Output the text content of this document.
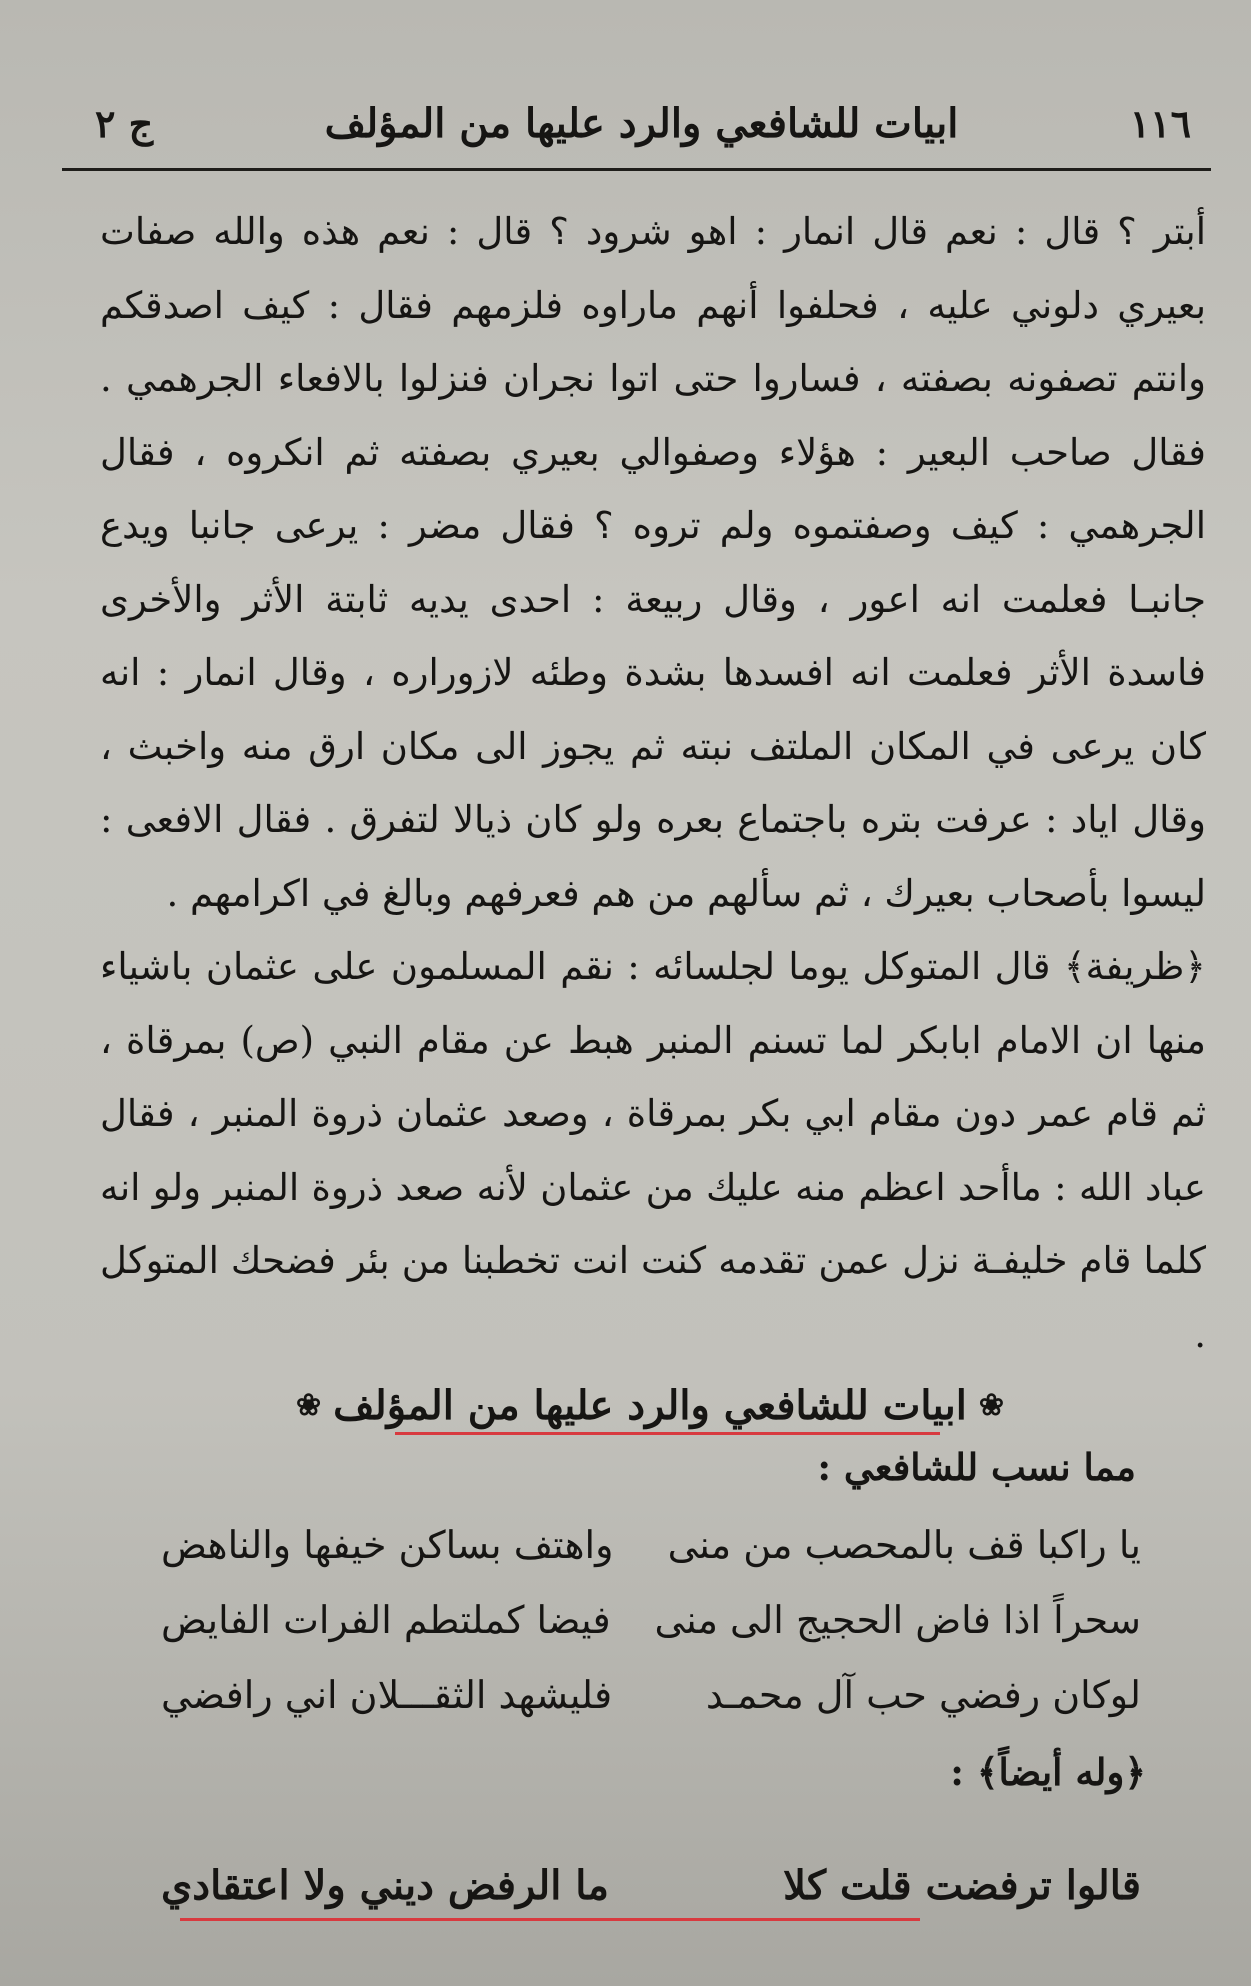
١١٦
ابيات للشافعي والرد عليها من المؤلف
ج ٢

أبتر ؟ قال : نعم قال انمار : اهو شرود ؟ قال : نعم هذه والله صفات بعيري دلوني عليه ، فحلفوا أنهم ماراوه فلزمهم فقال : كيف اصدقكم وانتم تصفونه بصفته ، فساروا حتى اتوا نجران فنزلوا بالافعاء الجرهمي . فقال صاحب البعير : هؤلاء وصفوالي بعيري بصفته ثم انكروه ، فقال الجرهمي : كيف وصفتموه ولم تروه ؟ فقال مضر : يرعى جانبا ويدع جانبـا فعلمت انه اعور ، وقال ربيعة : احدى يديه ثابتة الأثر والأخرى فاسدة الأثر فعلمت انه افسدها بشدة وطئه لازوراره ، وقال انمار : انه كان يرعى في المكان الملتف نبته ثم يجوز الى مكان ارق منه واخبث ، وقال اياد : عرفت بتره باجتماع بعره ولو كان ذيالا لتفرق . فقال الافعى : ليسوا بأصحاب بعيرك ، ثم سألهم من هم فعرفهم وبالغ في اكرامهم .

﴿ظريفة﴾ قال المتوكل يوما لجلسائه : نقم المسلمون على عثمان باشياء منها ان الامام ابابكر لما تسنم المنبر هبط عن مقام النبي (ص) بمرقاة ، ثم قام عمر دون مقام ابي بكر بمرقاة ، وصعد عثمان ذروة المنبر ، فقال عباد الله : ماأحد اعظم منه عليك من عثمان لأنه صعد ذروة المنبر ولو انه كلما قام خليفـة نزل عمن تقدمه كنت انت تخطبنا من بئر فضحك المتوكل .

❀
ابيات للشافعي والرد عليها من المؤلف
❀
مما نسب للشافعي :
يا راكبا قف بالمحصب من منى
واهتف بساكن خيفها والناهض
سحراً اذا فاض الحجيج الى منى
فيضا كملتطم الفرات الفايض
لوكان رفضي حب آل محمـد
فليشهد الثقـــلان اني رافضي
﴿وله أيضاً﴾ :
قالوا ترفضت قلت كلا
ما الرفض ديني ولا اعتقادي
